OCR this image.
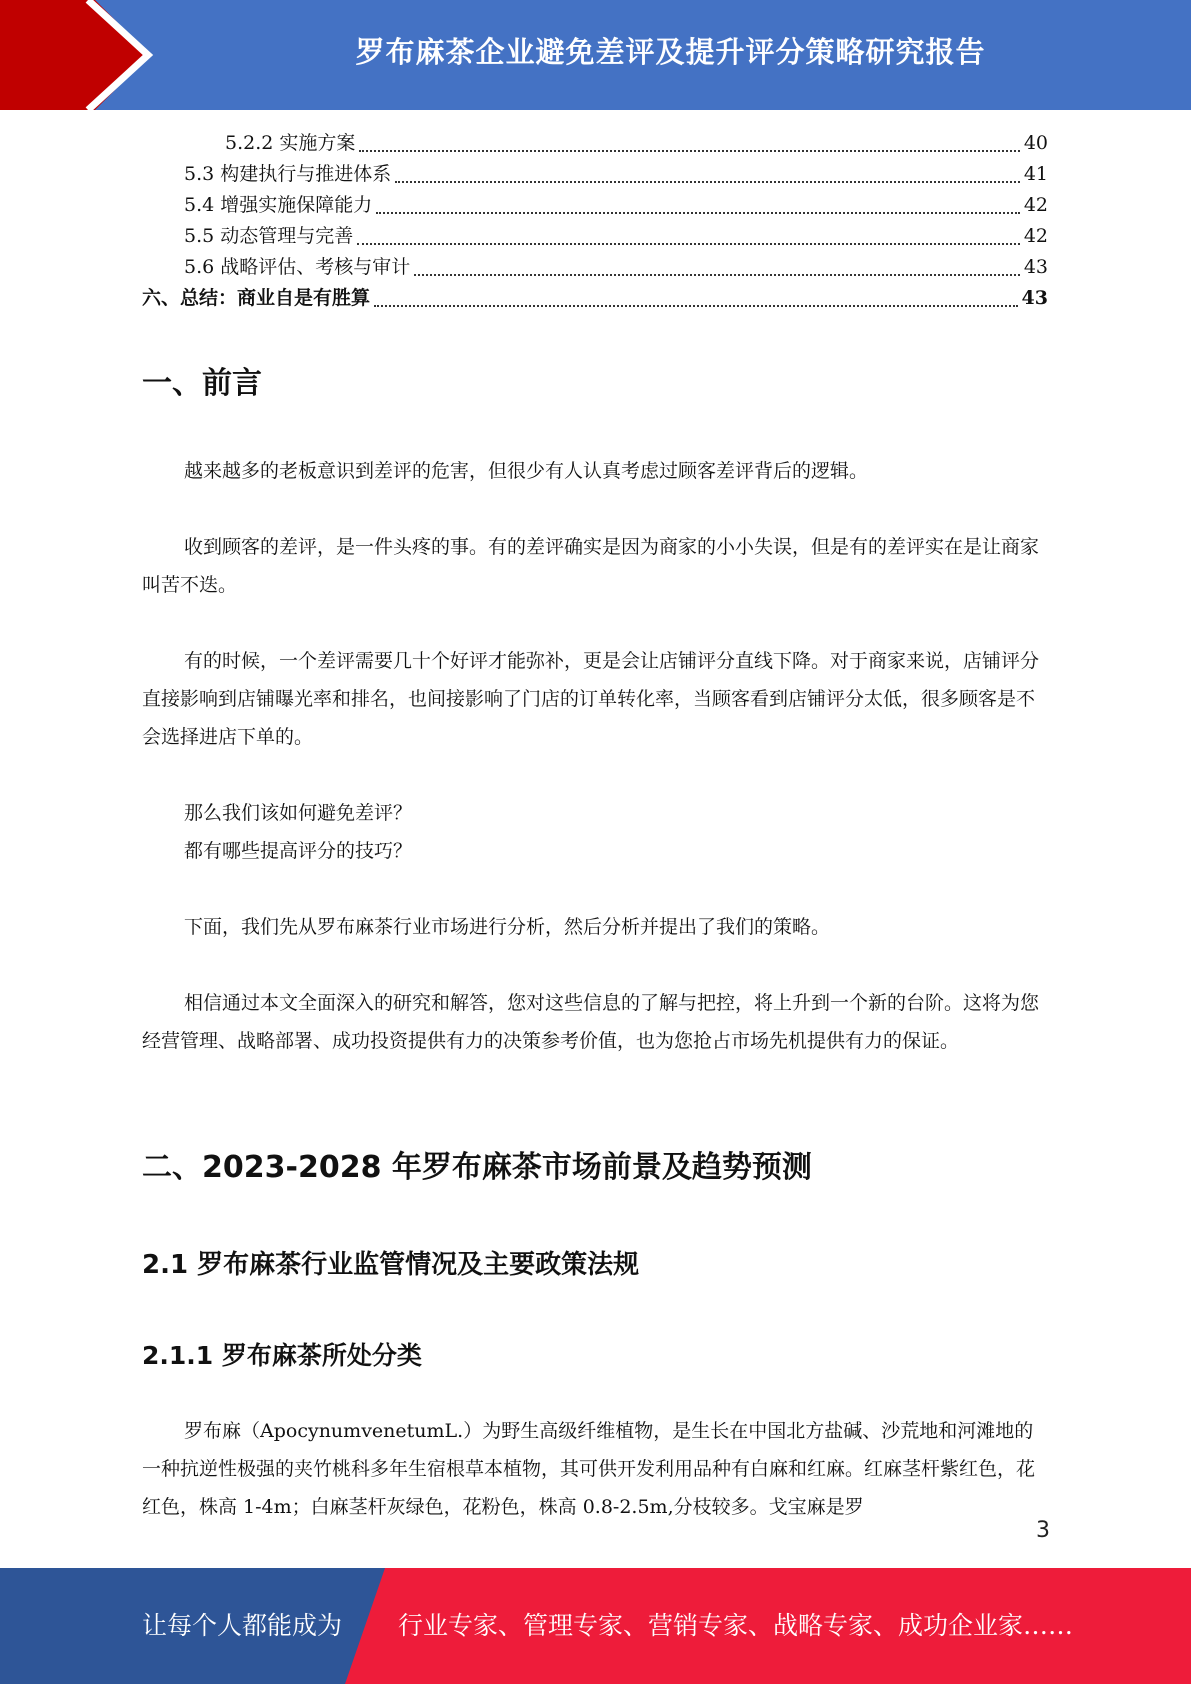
罗布麻茶企业避免差评及提升评分策略研究报告
5.2.2 实施方案	40
5.3 构建执行与推进体系	41
5.4 增强实施保障能力	42
5.5 动态管理与完善	42
5.6 战略评估、考核与审计	43
六、总结：商业自是有胜算	43
一、前言

越来越多的老板意识到差评的危害，但很少有人认真考虑过顾客差评背后的逻辑。

收到顾客的差评，是一件头疼的事。有的差评确实是因为商家的小小失误，但是有的差评实在是让商家叫苦不迭。

有的时候，一个差评需要几十个好评才能弥补，更是会让店铺评分直线下降。对于商家来说，店铺评分直接影响到店铺曝光率和排名，也间接影响了门店的订单转化率，当顾客看到店铺评分太低，很多顾客是不会选择进店下单的。

那么我们该如何避免差评？

都有哪些提高评分的技巧？

下面，我们先从罗布麻茶行业市场进行分析，然后分析并提出了我们的策略。

相信通过本文全面深入的研究和解答，您对这些信息的了解与把控，将上升到一个新的台阶。这将为您经营管理、战略部署、成功投资提供有力的决策参考价值，也为您抢占市场先机提供有力的保证。

二、2023-2028 年罗布麻茶市场前景及趋势预测
2.1 罗布麻茶行业监管情况及主要政策法规
2.1.1 罗布麻茶所处分类

罗布麻（ApocynumvenetumL.）为野生高级纤维植物，是生长在中国北方盐碱、沙荒地和河滩地的一种抗逆性极强的夹竹桃科多年生宿根草本植物，其可供开发利用品种有白麻和红麻。红麻茎杆紫红色，花红色，株高 1-4m；白麻茎杆灰绿色，花粉色，株高 0.8-2.5m,分枝较多。戈宝麻是罗

3
让每个人都能成为 行业专家、管理专家、营销专家、战略专家、成功企业家……
